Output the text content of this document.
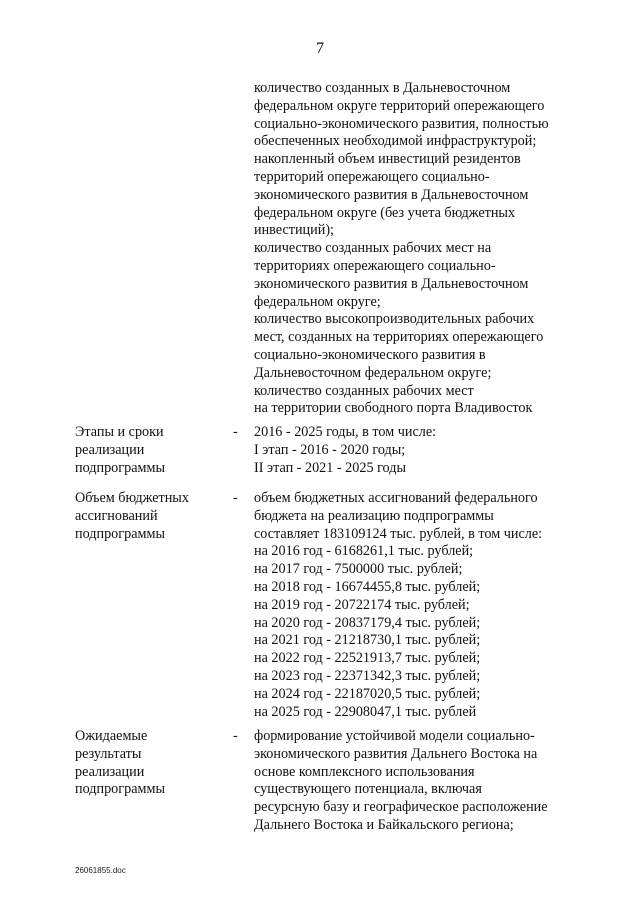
7
количество созданных в Дальневосточном
федеральном округе территорий опережающего
социально-экономического развития, полностью
обеспеченных необходимой инфраструктурой;
накопленный объем инвестиций резидентов
территорий опережающего социально-
экономического развития в Дальневосточном
федеральном округе (без учета бюджетных
инвестиций);
количество созданных рабочих мест на
территориях опережающего социально-
экономического развития в Дальневосточном
федеральном округе;
количество высокопроизводительных рабочих
мест, созданных на территориях опережающего
социально-экономического развития в
Дальневосточном федеральном округе;
количество созданных рабочих мест
на территории свободного порта Владивосток
Этапы и сроки
реализации
подпрограммы
- 2016 - 2025 годы, в том числе:
I этап - 2016 - 2020 годы;
II этап - 2021 - 2025 годы
Объем бюджетных
ассигнований
подпрограммы
- объем бюджетных ассигнований федерального
бюджета на реализацию подпрограммы
составляет 183109124 тыс. рублей, в том числе:
на 2016 год - 6168261,1 тыс. рублей;
на 2017 год - 7500000 тыс. рублей;
на 2018 год - 16674455,8 тыс. рублей;
на 2019 год - 20722174 тыс. рублей;
на 2020 год - 20837179,4 тыс. рублей;
на 2021 год - 21218730,1 тыс. рублей;
на 2022 год - 22521913,7 тыс. рублей;
на 2023 год - 22371342,3 тыс. рублей;
на 2024 год - 22187020,5 тыс. рублей;
на 2025 год - 22908047,1 тыс. рублей
Ожидаемые
результаты
реализации
подпрограммы
- формирование устойчивой модели социально-
экономического развития Дальнего Востока на
основе комплексного использования
существующего потенциала, включая
ресурсную базу и географическое расположение
Дальнего Востока и Байкальского региона;
26061855.doc
